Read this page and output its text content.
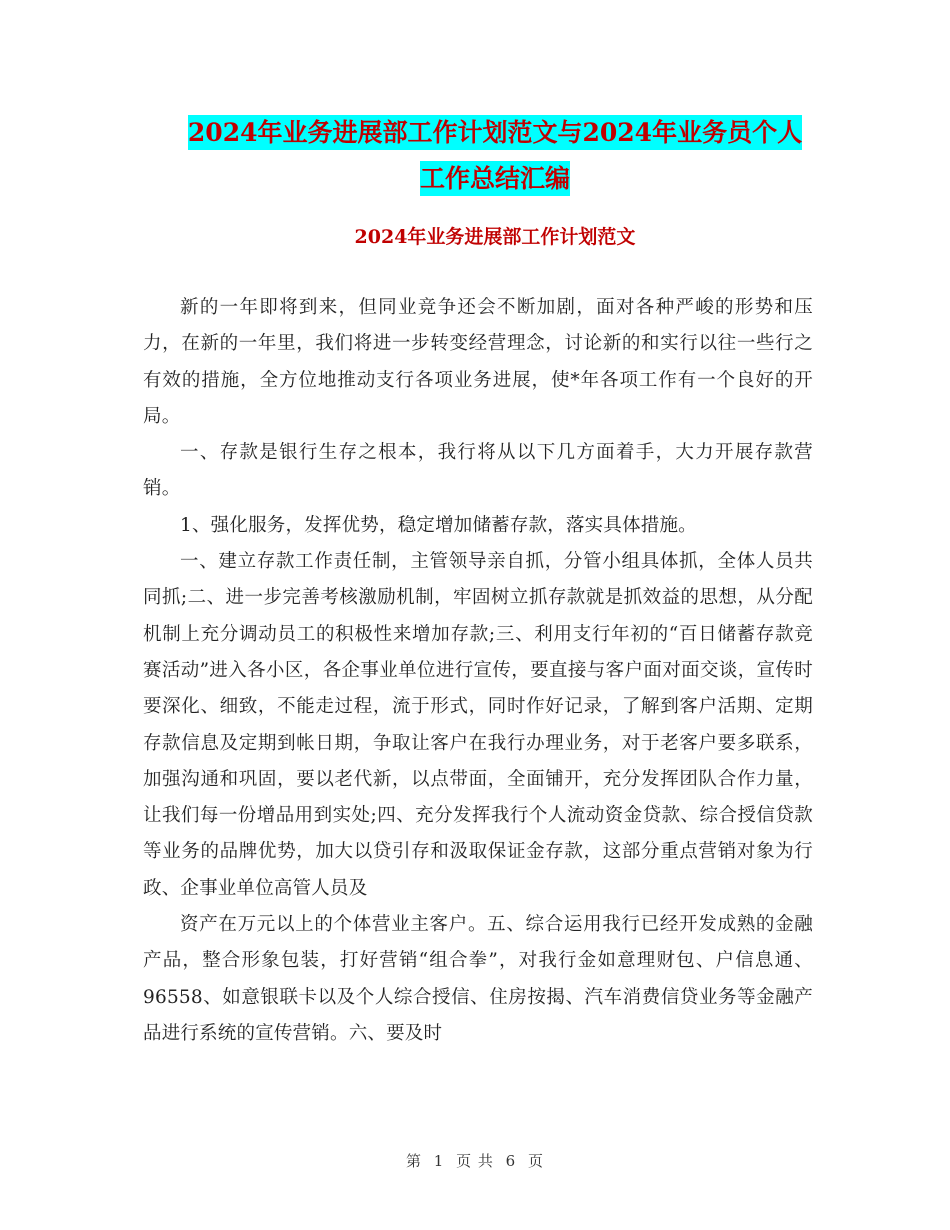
2024年业务进展部工作计划范文与2024年业务员个人
工作总结汇编
2024年业务进展部工作计划范文

新的一年即将到来，但同业竞争还会不断加剧，面对各种严峻的形势和压力，在新的一年里，我们将进一步转变经营理念，讨论新的和实行以往一些行之有效的措施，全方位地推动支行各项业务进展，使*年各项工作有一个良好的开局。

一、存款是银行生存之根本，我行将从以下几方面着手，大力开展存款营销。

1、强化服务，发挥优势，稳定增加储蓄存款，落实具体措施。

一、建立存款工作责任制，主管领导亲自抓，分管小组具体抓，全体人员共同抓;二、进一步完善考核激励机制，牢固树立抓存款就是抓效益的思想，从分配机制上充分调动员工的积极性来增加存款;三、利用支行年初的“百日储蓄存款竞赛活动”进入各小区，各企事业单位进行宣传，要直接与客户面对面交谈，宣传时要深化、细致，不能走过程，流于形式，同时作好记录，了解到客户活期、定期存款信息及定期到帐日期，争取让客户在我行办理业务，对于老客户要多联系，加强沟通和巩固，要以老代新，以点带面，全面铺开，充分发挥团队合作力量，让我们每一份增品用到实处;四、充分发挥我行个人流动资金贷款、综合授信贷款等业务的品牌优势，加大以贷引存和汲取保证金存款，这部分重点营销对象为行政、企事业单位高管人员及

资产在万元以上的个体营业主客户。五、综合运用我行已经开发成熟的金融产品，整合形象包装，打好营销“组合拳”，对我行金如意理财包、户信息通、96558、如意银联卡以及个人综合授信、住房按揭、汽车消费信贷业务等金融产品进行系统的宣传营销。六、要及时

第 1 页 共 6 页
